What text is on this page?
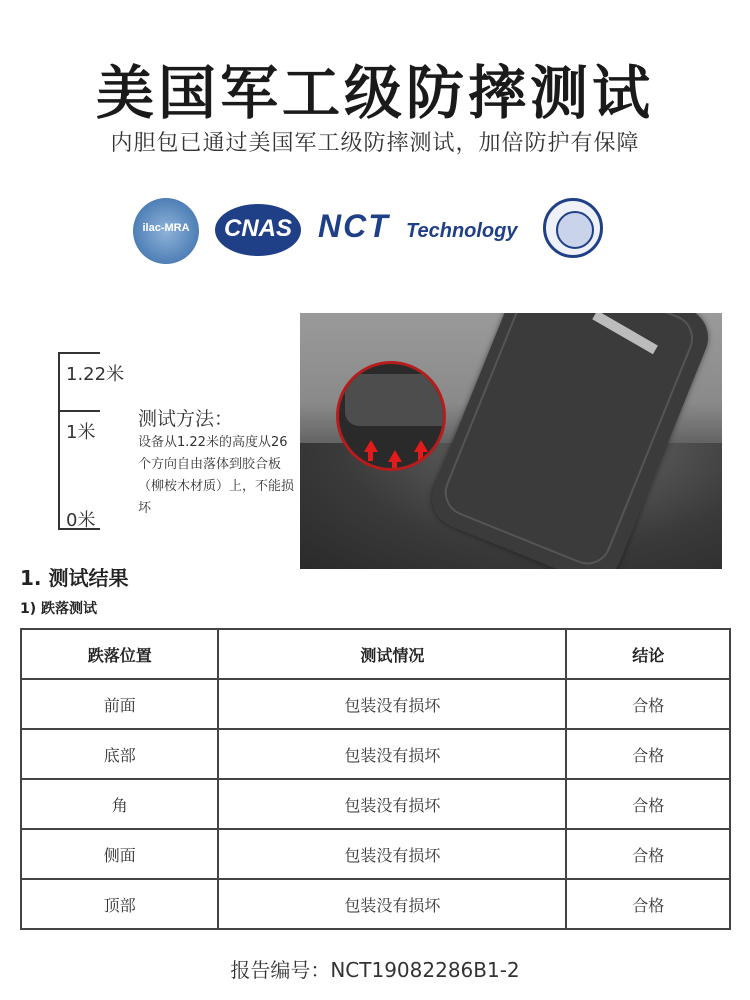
美国军工级防摔测试
内胆包已通过美国军工级防摔测试，加倍防护有保障
ilac-MRA	CNAS NCT Technology
1.22米
1米
0米
测试方法：
设备从1.22米的高度从26个方向自由落体到胶合板（柳桉木材质）上，不能损坏
1. 测试结果
1) 跌落测试
跌落位置	测试情况	结论
前面	包装没有损坏	合格
底部	包装没有损坏	合格
角	包装没有损坏	合格
侧面	包装没有损坏	合格
顶部	包装没有损坏	合格
报告编号：NCT19082286B1-2
